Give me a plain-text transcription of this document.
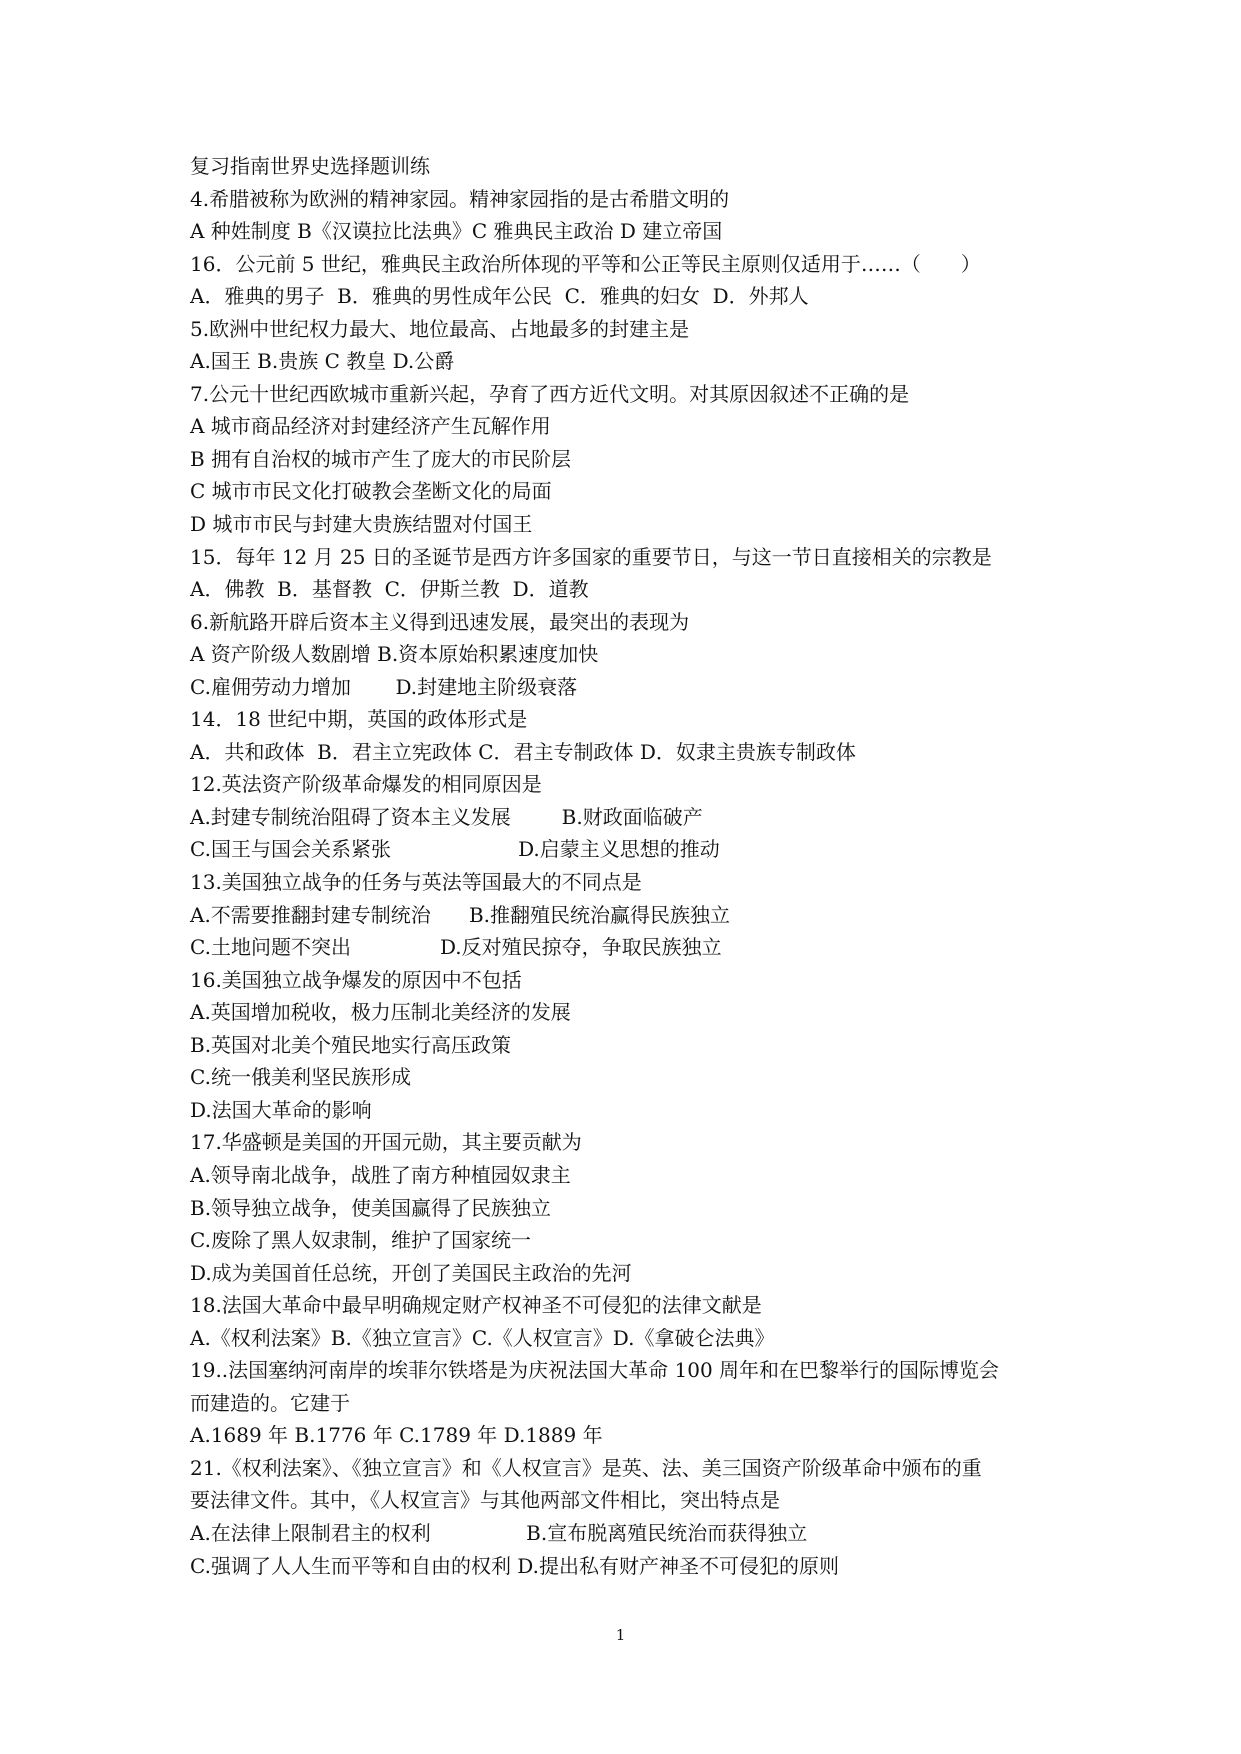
复习指南世界史选择题训练
4.希腊被称为欧洲的精神家园。精神家园指的是古希腊文明的
A 种姓制度 B《汉谟拉比法典》C 雅典民主政治 D 建立帝国
16．公元前 5 世纪，雅典民主政治所体现的平等和公正等民主原则仅适用于……（　　）
A．雅典的男子  B．雅典的男性成年公民  C．雅典的妇女  D．外邦人
5.欧洲中世纪权力最大、地位最高、占地最多的封建主是
A.国王 B.贵族 C 教皇 D.公爵
7.公元十世纪西欧城市重新兴起，孕育了西方近代文明。对其原因叙述不正确的是
A 城市商品经济对封建经济产生瓦解作用
B 拥有自治权的城市产生了庞大的市民阶层
C 城市市民文化打破教会垄断文化的局面
D 城市市民与封建大贵族结盟对付国王
15．每年 12 月 25 日的圣诞节是西方许多国家的重要节日，与这一节日直接相关的宗教是
A．佛教  B．基督教  C．伊斯兰教  D．道教
6.新航路开辟后资本主义得到迅速发展，最突出的表现为
A 资产阶级人数剧增 B.资本原始积累速度加快
C.雇佣劳动力增加       D.封建地主阶级衰落
14．18 世纪中期，英国的政体形式是
A．共和政体  B．君主立宪政体 C．君主专制政体 D．奴隶主贵族专制政体
12.英法资产阶级革命爆发的相同原因是
A.封建专制统治阻碍了资本主义发展        B.财政面临破产
C.国王与国会关系紧张                    D.启蒙主义思想的推动
13.美国独立战争的任务与英法等国最大的不同点是
A.不需要推翻封建专制统治      B.推翻殖民统治赢得民族独立
C.土地问题不突出              D.反对殖民掠夺，争取民族独立
16.美国独立战争爆发的原因中不包括
A.英国增加税收，极力压制北美经济的发展
B.英国对北美个殖民地实行高压政策
C.统一俄美利坚民族形成
D.法国大革命的影响
17.华盛顿是美国的开国元勋，其主要贡献为
A.领导南北战争，战胜了南方种植园奴隶主
B.领导独立战争，使美国赢得了民族独立
C.废除了黑人奴隶制，维护了国家统一
D.成为美国首任总统，开创了美国民主政治的先河
18.法国大革命中最早明确规定财产权神圣不可侵犯的法律文献是
A.《权利法案》B.《独立宣言》C.《人权宣言》D.《拿破仑法典》
19..法国塞纳河南岸的埃菲尔铁塔是为庆祝法国大革命 100 周年和在巴黎举行的国际博览会
而建造的。它建于
A.1689 年 B.1776 年 C.1789 年 D.1889 年
21.《权利法案》、《独立宣言》和《人权宣言》是英、法、美三国资产阶级革命中颁布的重
要法律文件。其中，《人权宣言》与其他两部文件相比，突出特点是
A.在法律上限制君主的权利               B.宣布脱离殖民统治而获得独立
C.强调了人人生而平等和自由的权利 D.提出私有财产神圣不可侵犯的原则
1
